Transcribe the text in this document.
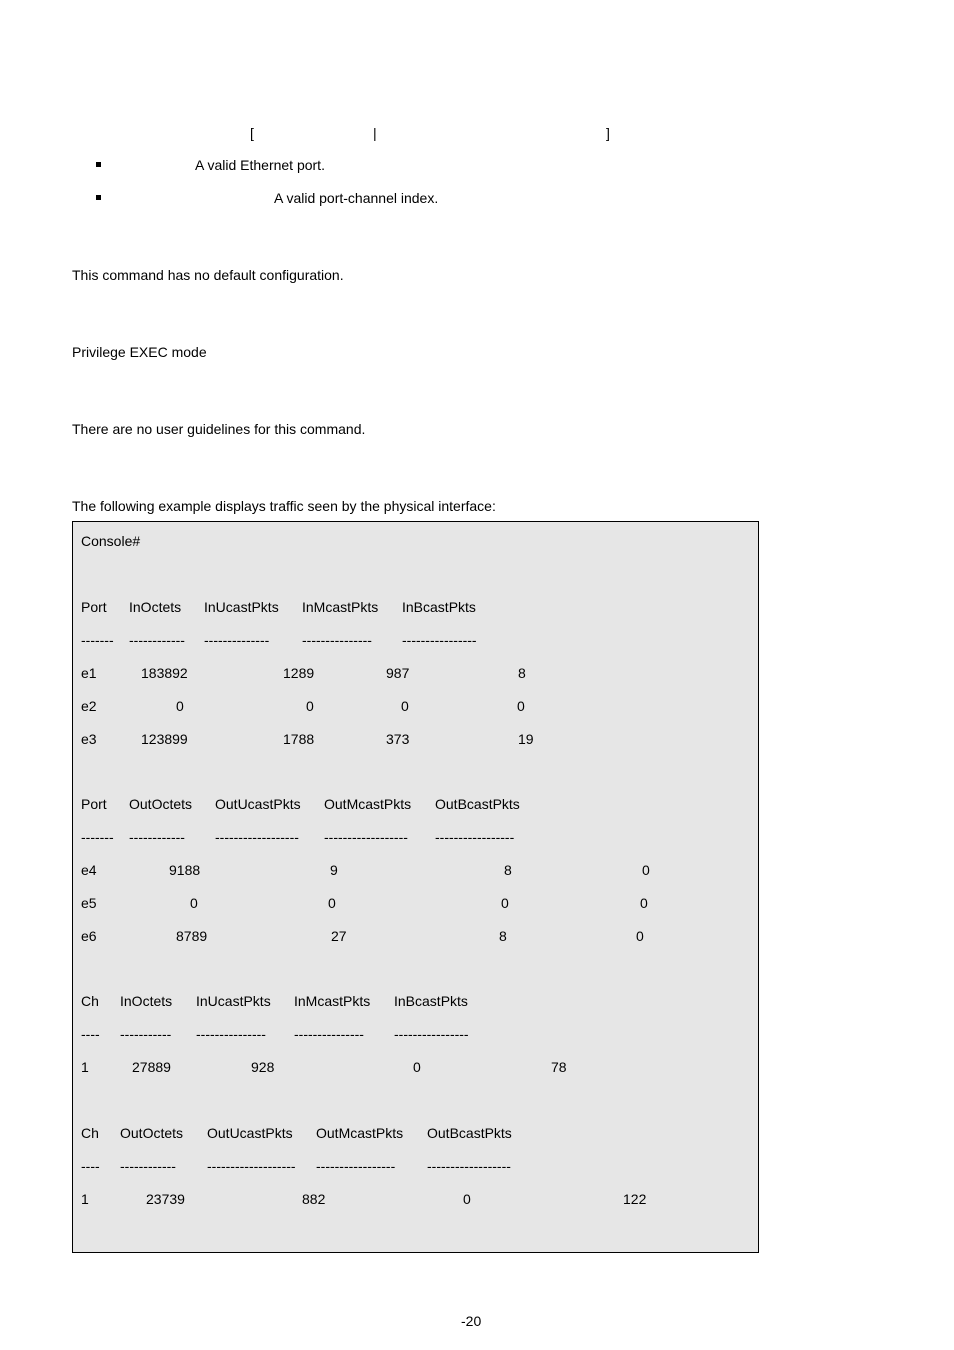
[	|	]
A valid Ethernet port.
A valid port-channel index.
This command has no default configuration.
Privilege EXEC mode
There are no user guidelines for this command.
The following example displays traffic seen by the physical interface:
Console#
Port InOctets InUcastPkts InMcastPkts InBcastPkts
------- ------------ -------------- --------------- ----------------
e1	183892	1289	987	8
e2	0	0	0	0
e3	123899	1788	373	19
Port OutOctets OutUcastPkts OutMcastPkts OutBcastPkts
------- ------------ ------------------ ------------------ -----------------
e4	9188	9	8	0
e5	0	0	0	0
e6	8789	27	8	0
Ch InOctets InUcastPkts InMcastPkts InBcastPkts
---- ----------- --------------- --------------- ----------------
1	27889	928	0	78
Ch OutOctets OutUcastPkts OutMcastPkts OutBcastPkts
---- ------------ ------------------- ----------------- ------------------
1	23739	882	0	122
-20
